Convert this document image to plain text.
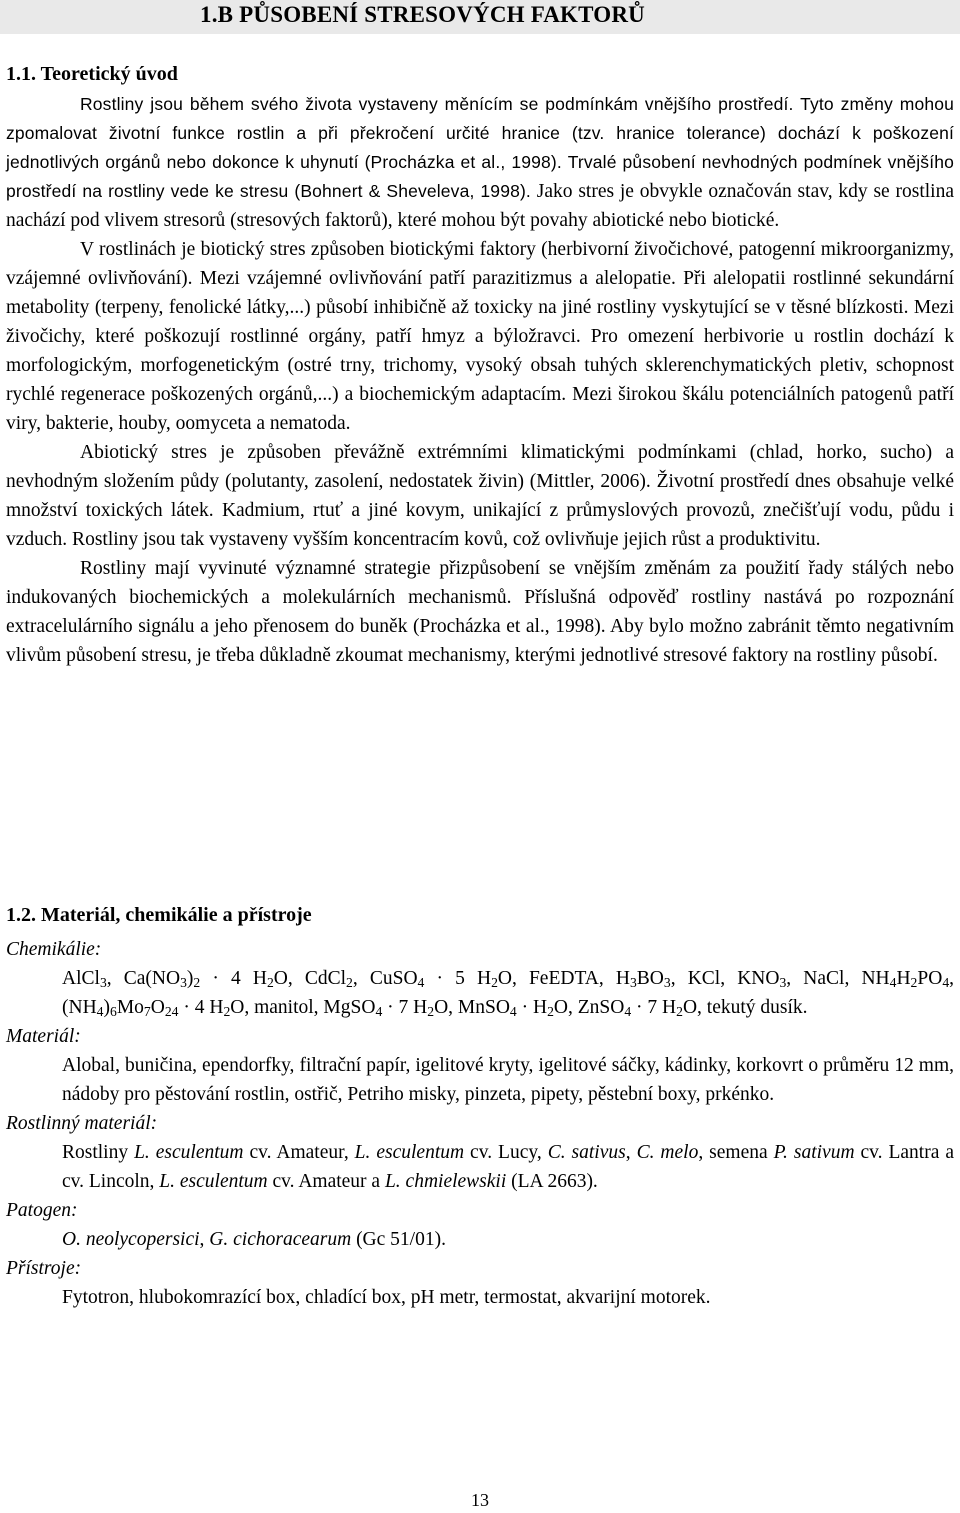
1.B PŮSOBENÍ STRESOVÝCH FAKTORŮ
1.1. Teoretický úvod

Rostliny jsou během svého života vystaveny měnícím se podmínkám vnějšího prostředí. Tyto změny mohou zpomalovat životní funkce rostlin a při překročení určité hranice (tzv. hranice tolerance) dochází k poškození jednotlivých orgánů nebo dokonce k uhynutí (Procházka et al., 1998). Trvalé působení nevhodných podmínek vnějšího prostředí na rostliny vede ke stresu (Bohnert & Sheveleva, 1998). Jako stres je obvykle označován stav, kdy se rostlina nachází pod vlivem stresorů (stresových faktorů), které mohou být povahy abiotické nebo biotické.

V rostlinách je biotický stres způsoben biotickými faktory (herbivorní živočichové, patogenní mikroorganizmy, vzájemné ovlivňování). Mezi vzájemné ovlivňování patří parazitizmus a alelopatie. Při alelopatii rostlinné sekundární metabolity (terpeny, fenolické látky,...) působí inhibičně až toxicky na jiné rostliny vyskytující se v těsné blízkosti. Mezi živočichy, které poškozují rostlinné orgány, patří hmyz a býložravci. Pro omezení herbivorie u rostlin dochází k morfologickým, morfogenetickým (ostré trny, trichomy, vysoký obsah tuhých sklerenchymatických pletiv, schopnost rychlé regenerace poškozených orgánů,...) a biochemickým adaptacím. Mezi širokou škálu potenciálních patogenů patří viry, bakterie, houby, oomyceta a nematoda.

Abiotický stres je způsoben převážně extrémními klimatickými podmínkami (chlad, horko, sucho) a nevhodným složením půdy (polutanty, zasolení, nedostatek živin) (Mittler, 2006). Životní prostředí dnes obsahuje velké množství toxických látek. Kadmium, rtuť a jiné kovym, unikající z průmyslových provozů, znečišťují vodu, půdu i vzduch. Rostliny jsou tak vystaveny vyšším koncentracím kovů, což ovlivňuje jejich růst a produktivitu.

Rostliny mají vyvinuté významné strategie přizpůsobení se vnějším změnám za použití řady stálých nebo indukovaných biochemických a molekulárních mechanismů. Příslušná odpověď rostliny nastává po rozpoznání extracelulárního signálu a jeho přenosem do buněk (Procházka et al., 1998). Aby bylo možno zabránit těmto negativním vlivům působení stresu, je třeba důkladně zkoumat mechanismy, kterými jednotlivé stresové faktory na rostliny působí.

1.2. Materiál, chemikálie a přístroje

Chemikálie:

AlCl$_3$, $Ca(NO_3)_2 \cdot 4$ $H_2O$, CdCl$_2$, CuSO$_4$ · 5 $H_2O$, FeEDTA, $H_3BO_3$, KCl, $KNO_3$, NaCl, $NH_4H_2PO_4$, $(NH_4)_6Mo_7O_{24} \cdot 4$ $H_2O$, manitol, MgSO$_4$ · 7 $H_2O$, MnSO$_4$ · $H_2O$, ZnSO$_4$ · 7 $H_2O$, tekutý dusík.

Materiál:

Alobal, buničina, ependorfky, filtrační papír, igelitové kryty, igelitové sáčky, kádinky, korkovrt o průměru 12 mm, nádoby pro pěstování rostlin, ostřič, Petriho misky, pinzeta, pipety, pěstební boxy, prkénko.

Rostlinný materiál:

Rostliny L. esculentum cv. Amateur, L. esculentum cv. Lucy, C. sativus, C. melo, semena P. sativum cv. Lantra a cv. Lincoln, L. esculentum cv. Amateur a L. chmielewskii (LA 2663).

Patogen:

O. neolycopersici, G. cichoracearum (Gc 51/01).

Přístroje:

Fytotron, hlubokomrazící box, chladící box, pH metr, termostat, akvarijní motorek.

13
